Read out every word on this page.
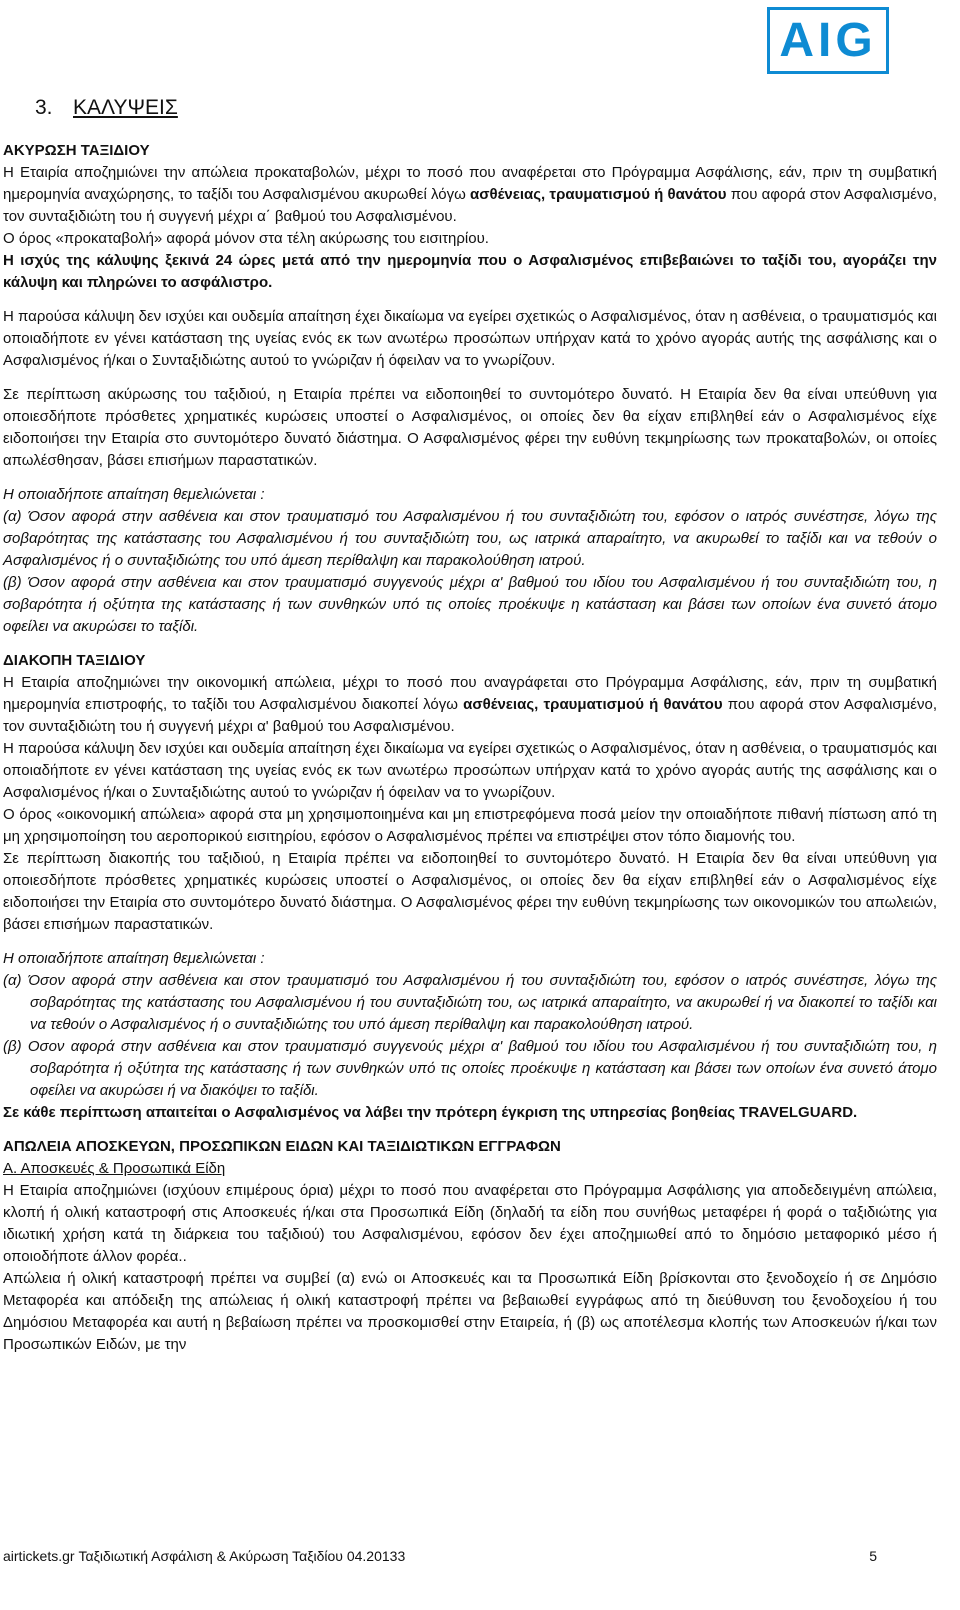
AIG
3. ΚΑΛΥΨΕΙΣ

ΑΚΥΡΩΣΗ ΤΑΞΙΔΙΟΥ

Η Εταιρία αποζημιώνει την απώλεια προκαταβολών, μέχρι το ποσό που αναφέρεται στο Πρόγραμμα Ασφάλισης, εάν, πριν τη συμβατική ημερομηνία αναχώρησης, το ταξίδι του Ασφαλισμένου ακυρωθεί λόγω ασθένειας, τραυματισμού ή θανάτου που αφορά στον Ασφαλισμένο, τον συνταξιδιώτη του ή συγγενή μέχρι α΄ βαθμού του Ασφαλισμένου.

Ο όρος «προκαταβολή» αφορά μόνον στα τέλη ακύρωσης του εισιτηρίου.

Η ισχύς της κάλυψης ξεκινά 24 ώρες μετά από την ημερομηνία που ο Ασφαλισμένος επιβεβαιώνει το ταξίδι του, αγοράζει την κάλυψη και πληρώνει το ασφάλιστρο.

Η παρούσα κάλυψη δεν ισχύει και ουδεμία απαίτηση έχει δικαίωμα να εγείρει σχετικώς ο Ασφαλισμένος, όταν η ασθένεια, ο τραυματισμός και οποιαδήποτε εν γένει κατάσταση της υγείας ενός εκ των ανωτέρω προσώπων υπήρχαν κατά το χρόνο αγοράς αυτής της ασφάλισης και ο Ασφαλισμένος ή/και ο Συνταξιδιώτης αυτού το γνώριζαν ή όφειλαν να το γνωρίζουν.

Σε περίπτωση ακύρωσης του ταξιδιού, η Εταιρία πρέπει να ειδοποιηθεί το συντομότερο δυνατό. Η Εταιρία δεν θα είναι υπεύθυνη για οποιεσδήποτε πρόσθετες χρηματικές κυρώσεις υποστεί ο Ασφαλισμένος, οι οποίες δεν θα είχαν επιβληθεί εάν ο Ασφαλισμένος είχε ειδοποιήσει την Εταιρία στο συντομότερο δυνατό διάστημα. Ο Ασφαλισμένος φέρει την ευθύνη τεκμηρίωσης των προκαταβολών, οι οποίες απωλέσθησαν, βάσει επισήμων παραστατικών.

Η οποιαδήποτε απαίτηση θεμελιώνεται :

(α) Όσον αφορά στην ασθένεια και στον τραυματισμό του Ασφαλισμένου ή του συνταξιδιώτη του, εφόσον ο ιατρός συνέστησε, λόγω της σοβαρότητας της κατάστασης του Ασφαλισμένου ή του συνταξιδιώτη του, ως ιατρικά απαραίτητο, να ακυρωθεί το ταξίδι και να τεθούν ο Ασφαλισμένος ή ο συνταξιδιώτης του υπό άμεση περίθαλψη και παρακολούθηση ιατρού.

(β) Όσον αφορά στην ασθένεια και στον τραυματισμό συγγενούς μέχρι α' βαθμού του ιδίου του Ασφαλισμένου ή του συνταξιδιώτη του, η σοβαρότητα ή οξύτητα της κατάστασης ή των συνθηκών υπό τις οποίες προέκυψε η κατάσταση και βάσει των οποίων ένα συνετό άτομο οφείλει να ακυρώσει το ταξίδι.

ΔΙΑΚΟΠΗ ΤΑΞΙΔΙΟΥ

Η Εταιρία αποζημιώνει την οικονομική απώλεια, μέχρι το ποσό που αναγράφεται στο Πρόγραμμα Ασφάλισης, εάν, πριν τη συμβατική ημερομηνία επιστροφής, το ταξίδι του Ασφαλισμένου διακοπεί λόγω ασθένειας, τραυματισμού ή θανάτου που αφορά στον Ασφαλισμένο, τον συνταξιδιώτη του ή συγγενή μέχρι α' βαθμού του Ασφαλισμένου.

Η παρούσα κάλυψη δεν ισχύει και ουδεμία απαίτηση έχει δικαίωμα να εγείρει σχετικώς ο Ασφαλισμένος, όταν η ασθένεια, ο τραυματισμός και οποιαδήποτε εν γένει κατάσταση της υγείας ενός εκ των ανωτέρω προσώπων υπήρχαν κατά το χρόνο αγοράς αυτής της ασφάλισης και ο Ασφαλισμένος ή/και ο Συνταξιδιώτης αυτού το γνώριζαν ή όφειλαν να το γνωρίζουν.

Ο όρος «οικονομική απώλεια» αφορά στα μη χρησιμοποιημένα και μη επιστρεφόμενα ποσά μείον την οποιαδήποτε πιθανή πίστωση από τη μη χρησιμοποίηση του αεροπορικού εισιτηρίου, εφόσον ο Ασφαλισμένος πρέπει να επιστρέψει στον τόπο διαμονής του.

Σε περίπτωση διακοπής του ταξιδιού, η Εταιρία πρέπει να ειδοποιηθεί το συντομότερο δυνατό. Η Εταιρία δεν θα είναι υπεύθυνη για οποιεσδήποτε πρόσθετες χρηματικές κυρώσεις υποστεί ο Ασφαλισμένος, οι οποίες δεν θα είχαν επιβληθεί εάν ο Ασφαλισμένος είχε ειδοποιήσει την Εταιρία στο συντομότερο δυνατό διάστημα. Ο Ασφαλισμένος φέρει την ευθύνη τεκμηρίωσης των οικονομικών του απωλειών, βάσει επισήμων παραστατικών.

Η οποιαδήποτε απαίτηση θεμελιώνεται :

(α) Όσον αφορά στην ασθένεια και στον τραυματισμό του Ασφαλισμένου ή του συνταξιδιώτη του, εφόσον ο ιατρός συνέστησε, λόγω της σοβαρότητας της κατάστασης του Ασφαλισμένου ή του συνταξιδιώτη του, ως ιατρικά απαραίτητο, να ακυρωθεί ή να διακοπεί το ταξίδι και να τεθούν ο Ασφαλισμένος ή ο συνταξιδιώτης του υπό άμεση περίθαλψη και παρακολούθηση ιατρού.

(β) Οσον αφορά στην ασθένεια και στον τραυματισμό συγγενούς μέχρι α' βαθμού του ιδίου του Ασφαλισμένου ή του συνταξιδιώτη του, η σοβαρότητα ή οξύτητα της κατάστασης ή των συνθηκών υπό τις οποίες προέκυψε η κατάσταση και βάσει των οποίων ένα συνετό άτομο οφείλει να ακυρώσει ή να διακόψει το ταξίδι.

Σε κάθε περίπτωση απαιτείται ο Ασφαλισμένος να λάβει την πρότερη έγκριση της υπηρεσίας βοηθείας TRAVELGUARD.

ΑΠΩΛΕΙΑ ΑΠΟΣΚΕΥΩΝ, ΠΡΟΣΩΠΙΚΩΝ ΕΙΔΩΝ ΚΑΙ ΤΑΞΙΔΙΩΤΙΚΩΝ ΕΓΓΡΑΦΩΝ

Α. Αποσκευές & Προσωπικά Είδη

Η Εταιρία αποζημιώνει (ισχύουν επιμέρους όρια) μέχρι το ποσό που αναφέρεται στο Πρόγραμμα Ασφάλισης για αποδεδειγμένη απώλεια, κλοπή ή ολική καταστροφή στις Αποσκευές ή/και στα Προσωπικά Είδη (δηλαδή τα είδη που συνήθως μεταφέρει ή φορά ο ταξιδιώτης για ιδιωτική χρήση κατά τη διάρκεια του ταξιδιού) του Ασφαλισμένου, εφόσον δεν έχει αποζημιωθεί από το δημόσιο μεταφορικό μέσο ή οποιοδήποτε άλλον φορέα..

Απώλεια ή ολική καταστροφή πρέπει να συμβεί (α) ενώ οι Αποσκευές και τα Προσωπικά Είδη βρίσκονται στο ξενοδοχείο ή σε Δημόσιο Μεταφορέα και απόδειξη της απώλειας ή ολική καταστροφή πρέπει να βεβαιωθεί εγγράφως από τη διεύθυνση του ξενοδοχείου ή του Δημόσιου Μεταφορέα και αυτή η βεβαίωση πρέπει να προσκομισθεί στην Εταιρεία, ή (β) ως αποτέλεσμα κλοπής των Αποσκευών ή/και των Προσωπικών Ειδών, με την

airtickets.gr Ταξιδιωτική Ασφάλιση & Ακύρωση Ταξιδίου 04.20133	5
